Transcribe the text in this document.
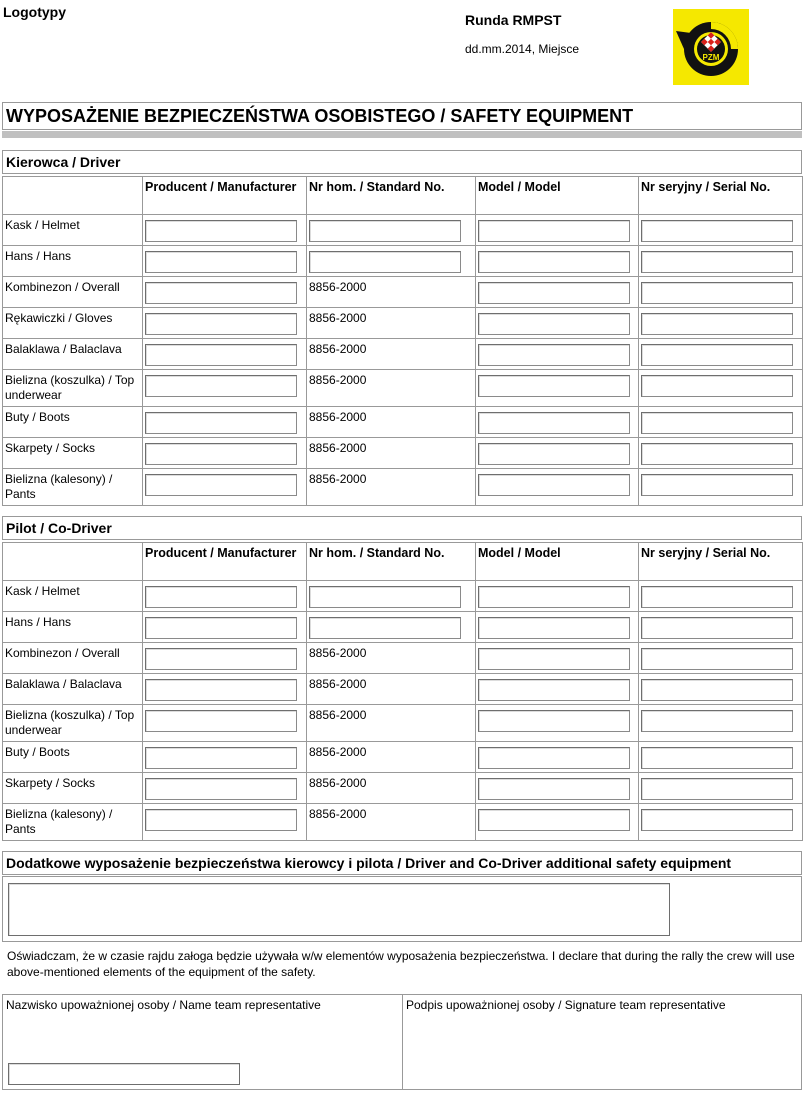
Logotypy	Runda RMPST
dd.mm.2014, Miejsce
PZM
WYPOSAŻENIE BEZPIECZEŃSTWA OSOBISTEGO / SAFETY EQUIPMENT
Kierowca / Driver
	Producent / Manufacturer	Nr hom. / Standard No.	Model / Model	Nr seryjny / Serial No.
Kask / Helmet	

Hans / Hans	

Kombinezon / Overall		8856-2000

Rękawiczki / Gloves		8856-2000

Balaklawa / Balaclava		8856-2000

Bielizna (koszulka) / Top underwear		8856-2000

Buty / Boots		8856-2000

Skarpety / Socks		8856-2000

Bielizna (kalesony) / Pants		8856-2000

Pilot / Co-Driver
	Producent / Manufacturer	Nr hom. / Standard No.	Model / Model	Nr seryjny / Serial No.
Kask / Helmet	

Hans / Hans	

Kombinezon / Overall		8856-2000

Balaklawa / Balaclava		8856-2000

Bielizna (koszulka) / Top underwear		8856-2000

Buty / Boots		8856-2000

Skarpety / Socks		8856-2000

Bielizna (kalesony) / Pants		8856-2000

Dodatkowe wyposażenie bezpieczeństwa kierowcy i pilota / Driver and Co-Driver additional safety equipment
Oświadczam, że w czasie rajdu załoga będzie używała w/w elementów wyposażenia bezpieczeństwa. I declare that during the rally the crew will use above-mentioned elements of the equipment of the safety.
Nazwisko upoważnionej osoby / Name team representative	Podpis upoważnionej osoby / Signature team representative
